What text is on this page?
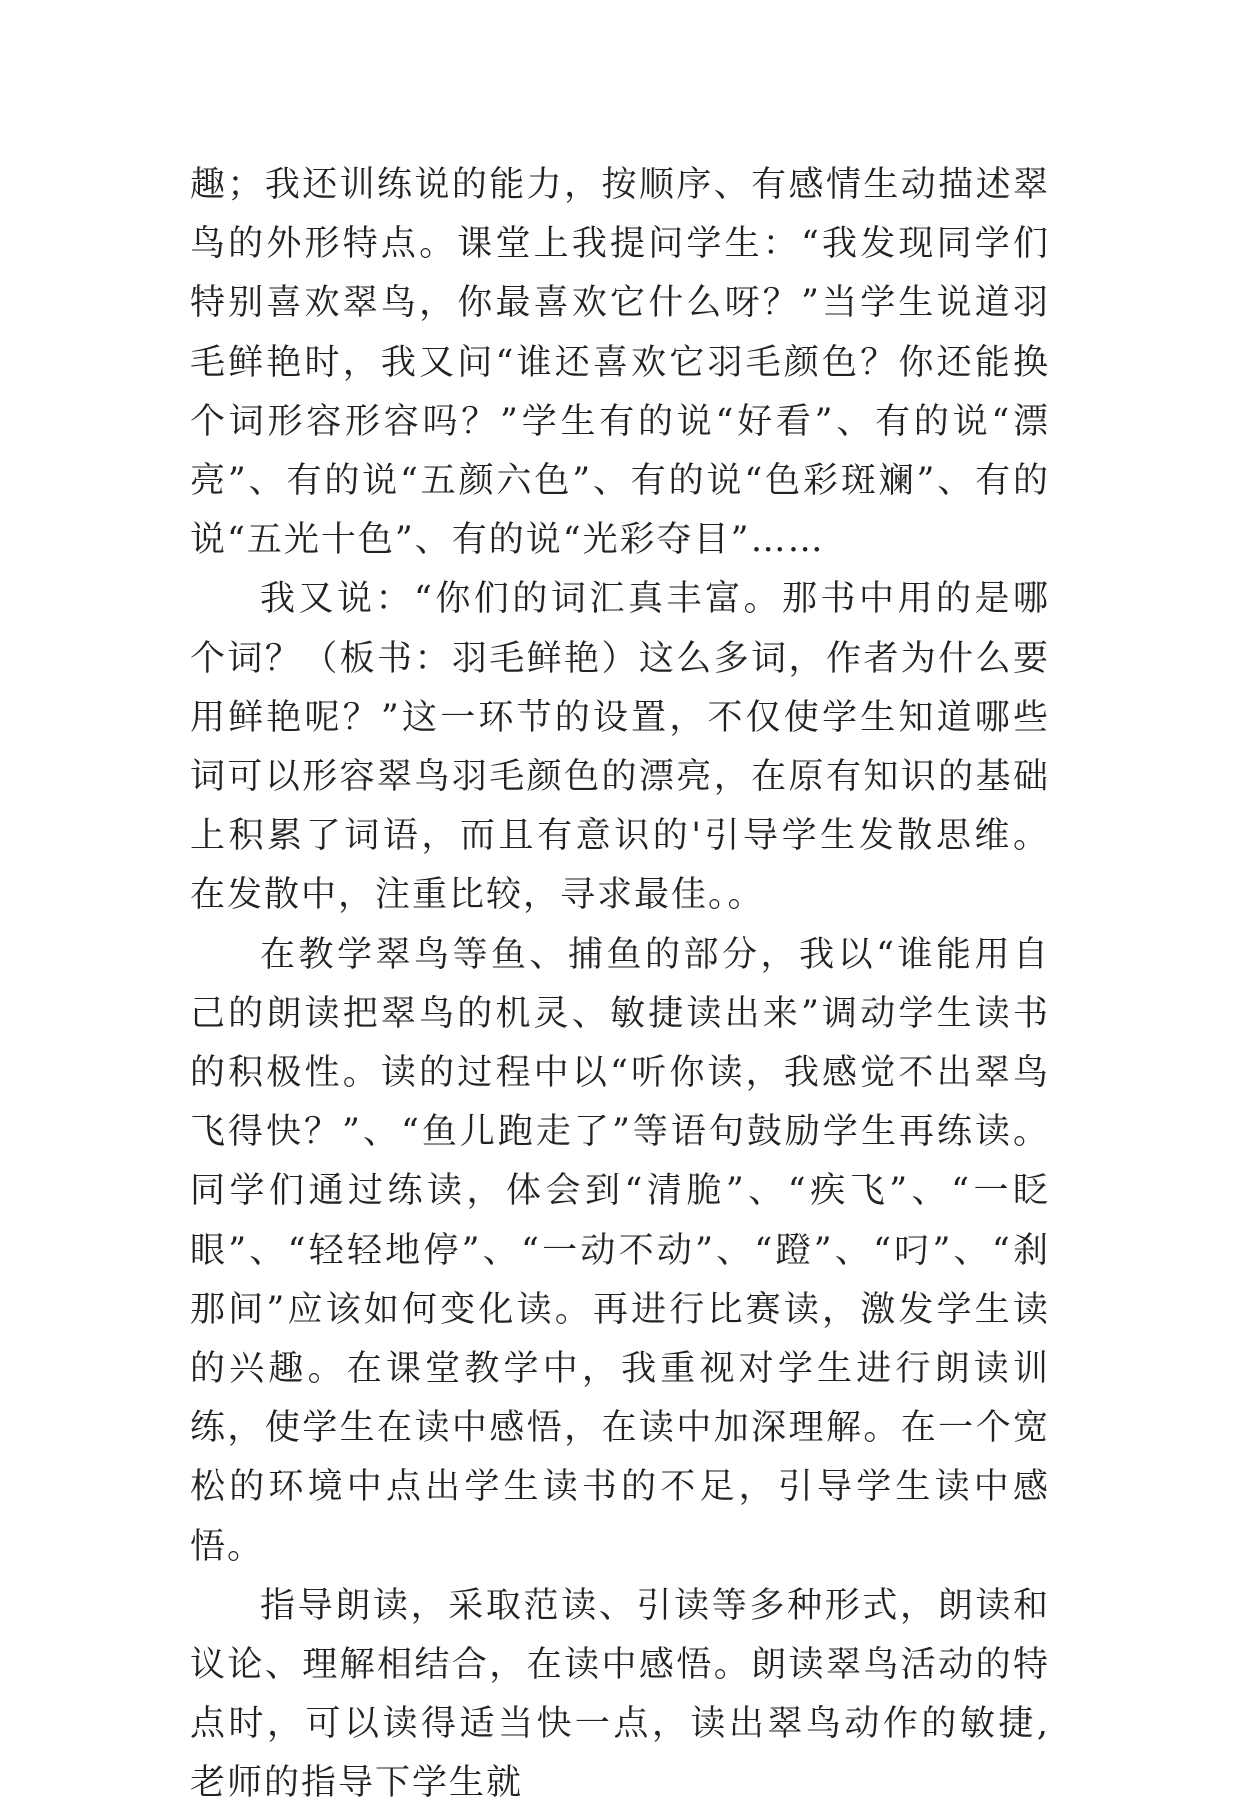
趣；我还训练说的能力，按顺序、有感情生动描述翠鸟的外形特点。课堂上我提问学生：“我发现同学们特别喜欢翠鸟，你最喜欢它什么呀？”当学生说道羽毛鲜艳时，我又问“谁还喜欢它羽毛颜色？你还能换个词形容形容吗？”学生有的说“好看”、有的说“漂亮”、有的说“五颜六色”、有的说“色彩斑斓”、有的说“五光十色”、有的说“光彩夺目”……

我又说：“你们的词汇真丰富。那书中用的是哪个词？（板书：羽毛鲜艳）这么多词，作者为什么要用鲜艳呢？”这一环节的设置，不仅使学生知道哪些词可以形容翠鸟羽毛颜色的漂亮，在原有知识的基础上积累了词语，而且有意识的'引导学生发散思维。在发散中，注重比较，寻求最佳。。

在教学翠鸟等鱼、捕鱼的部分，我以“谁能用自己的朗读把翠鸟的机灵、敏捷读出来”调动学生读书的积极性。读的过程中以“听你读，我感觉不出翠鸟飞得快？”、“鱼儿跑走了”等语句鼓励学生再练读。同学们通过练读，体会到“清脆”、“疾飞”、“一眨眼”、“轻轻地停”、“一动不动”、“蹬”、“叼”、“刹那间”应该如何变化读。再进行比赛读，激发学生读的兴趣。在课堂教学中，我重视对学生进行朗读训练，使学生在读中感悟，在读中加深理解。在一个宽松的环境中点出学生读书的不足，引导学生读中感悟。

指导朗读，采取范读、引读等多种形式，朗读和议论、理解相结合，在读中感悟。朗读翠鸟活动的特点时，可以读得适当快一点，读出翠鸟动作的敏捷,老师的指导下学生就
